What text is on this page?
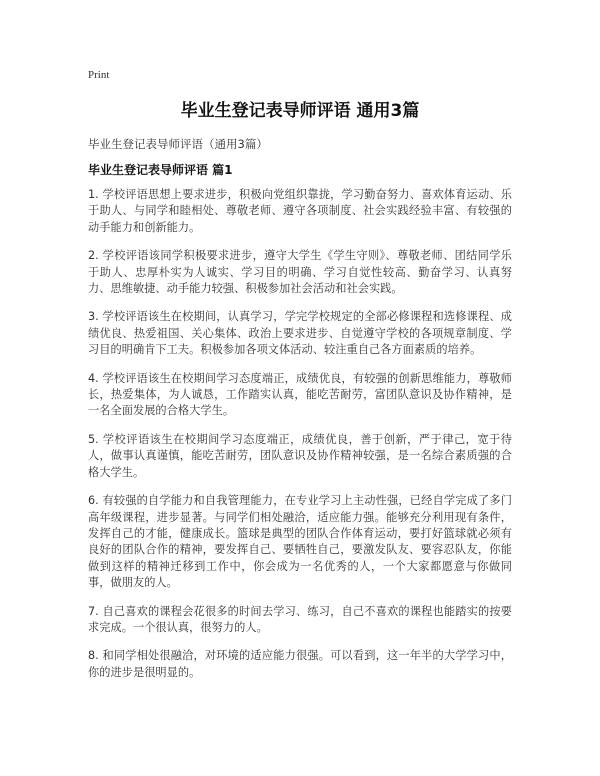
Print
毕业生登记表导师评语 通用3篇
毕业生登记表导师评语（通用3篇）
毕业生登记表导师评语 篇1

1. 学校评语思想上要求进步，积极向党组织靠拢，学习勤奋努力、喜欢体育运动、乐于助人、与同学和睦相处、尊敬老师、遵守各项制度、社会实践经验丰富、有较强的动手能力和创新能力。

2. 学校评语该同学积极要求进步，遵守大学生《学生守则》、尊敬老师、团结同学乐于助人、忠厚朴实为人诚实、学习目的明确、学习自觉性较高、勤奋学习、认真努力、思维敏捷、动手能力较强、积极参加社会活动和社会实践。

3. 学校评语该生在校期间，认真学习，学完学校规定的全部必修课程和选修课程、成绩优良、热爱祖国、关心集体、政治上要求进步、自觉遵守学校的各项规章制度、学习目的明确肯下工夫。积极参加各项文体活动、较注重自己各方面素质的培养。

4. 学校评语该生在校期间学习态度端正，成绩优良，有较强的创新思维能力，尊敬师长，热爱集体，为人诚恳，工作踏实认真，能吃苦耐劳，富团队意识及协作精神，是一名全面发展的合格大学生。

5. 学校评语该生在校期间学习态度端正，成绩优良，善于创新，严于律己，宽于待人，做事认真谨慎，能吃苦耐劳，团队意识及协作精神较强，是一名综合素质强的合格大学生。

6. 有较强的自学能力和自我管理能力，在专业学习上主动性强，已经自学完成了多门高年级课程，进步显著。与同学们相处融洽，适应能力强。能够充分利用现有条件，发挥自己的才能，健康成长。篮球是典型的团队合作体育运动，要打好篮球就必须有良好的团队合作的精神，要发挥自己、要牺牲自己，要激发队友、要容忍队友，你能做到这样的精神迁移到工作中，你会成为一名优秀的人，一个大家都愿意与你做同事，做朋友的人。

7. 自己喜欢的课程会花很多的时间去学习、练习，自己不喜欢的课程也能踏实的按要求完成。一个很认真，很努力的人。

8. 和同学相处很融洽，对环境的适应能力很强。可以看到，这一年半的大学学习中，你的进步是很明显的。
